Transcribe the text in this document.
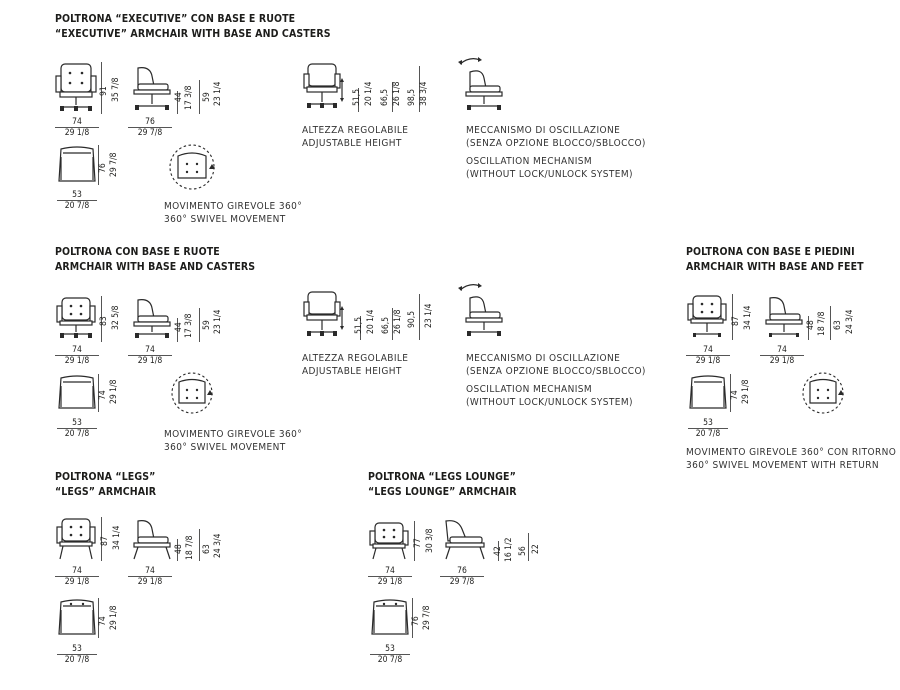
POLTRONA “EXECUTIVE” CON BASE E RUOTE
“EXECUTIVE” ARMCHAIR WITH BASE AND CASTERS
91 35 7/8
74
29 1/8
44 17 3/8 59 23 1/4
76
29 7/8
76 29 7/8
53
20 7/8	MOVIMENTO GIREVOLE 360°
360° SWIVEL MOVEMENT
51,5 20 1/4 66,5 26 1/8 98,5 38 3/4
ALTEZZA REGOLABILE
ADJUSTABLE HEIGHT
MECCANISMO DI OSCILLAZIONE
(SENZA OPZIONE BLOCCO/SBLOCCO)
OSCILLATION MECHANISM
(WITHOUT LOCK/UNLOCK SYSTEM)
POLTRONA CON BASE E RUOTE
ARMCHAIR WITH BASE AND CASTERS
83 32 5/8
74
29 1/8
44 17 3/8 59 23 1/4
74
29 1/8
74 29 1/8
53
20 7/8	MOVIMENTO GIREVOLE 360°
360° SWIVEL MOVEMENT
51,5 20 1/4 66,5 26 1/8 90,5 23 1/4
ALTEZZA REGOLABILE
ADJUSTABLE HEIGHT
MECCANISMO DI OSCILLAZIONE
(SENZA OPZIONE BLOCCO/SBLOCCO)
OSCILLATION MECHANISM
(WITHOUT LOCK/UNLOCK SYSTEM)
POLTRONA CON BASE E PIEDINI
ARMCHAIR WITH BASE AND FEET
87 34 1/4
74
29 1/8
48 18 7/8 63 24 3/4
74
29 1/8
74 29 1/8
53
20 7/8
MOVIMENTO GIREVOLE 360° CON RITORNO
360° SWIVEL MOVEMENT WITH RETURN
POLTRONA “LEGS”
“LEGS” ARMCHAIR
87 34 1/4
74
29 1/8
48 18 7/8 63 24 3/4
74
29 1/8
74 29 1/8
53
20 7/8
POLTRONA “LEGS LOUNGE”
“LEGS LOUNGE” ARMCHAIR
77 30 3/8
74
29 1/8
42 16 1/2 56 22
76
29 7/8
76 29 7/8
53
20 7/8
